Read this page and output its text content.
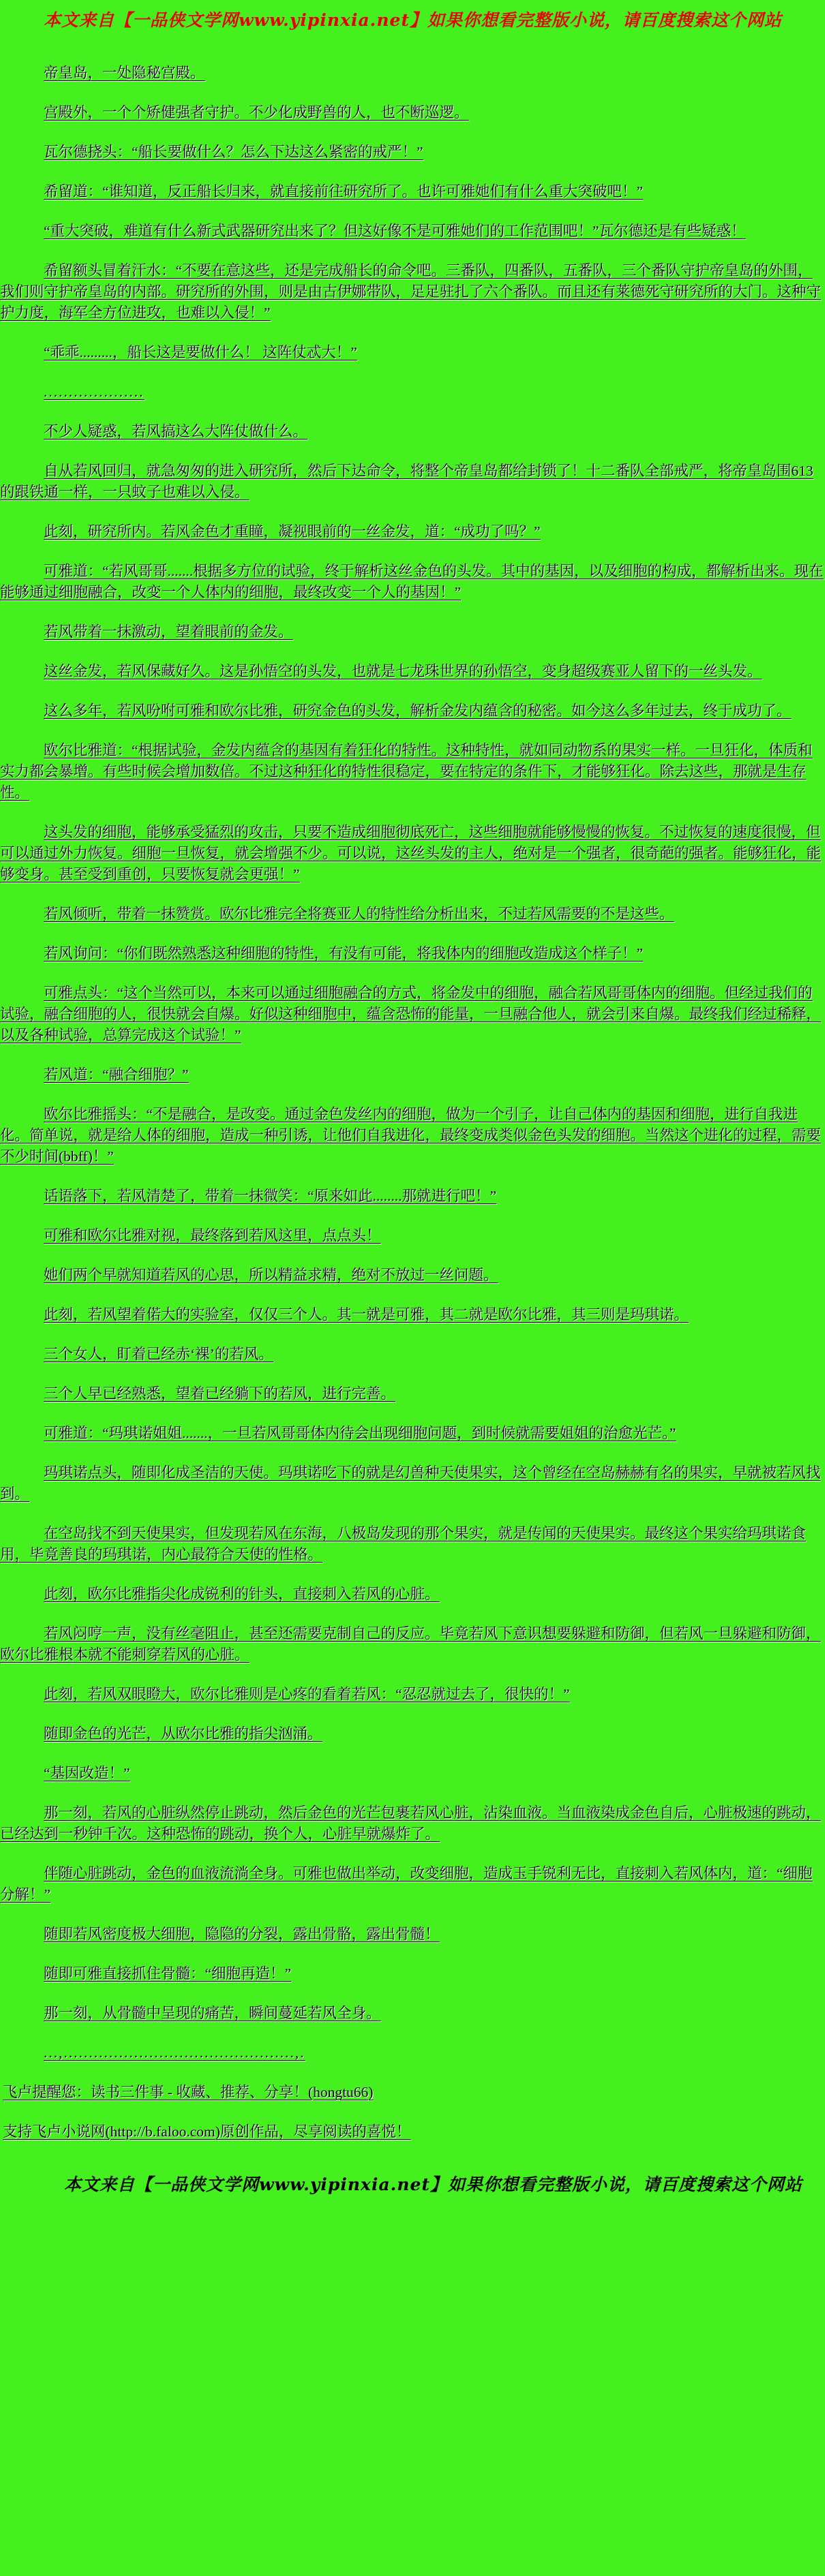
本文来自【一品侠文学网www.yipinxia.net】如果你想看完整版小说，请百度搜索这个网站

帝皇岛，一处隐秘宫殿。

宫殿外，一个个矫健强者守护。不少化成野兽的人，也不断巡逻。

瓦尔德挠头：“船长要做什么？怎么下达这么紧密的戒严！”

希留道：“谁知道，反正船长归来，就直接前往研究所了。也许可雅她们有什么重大突破吧！”

“重大突破，难道有什么新式武器研究出来了？但这好像不是可雅她们的工作范围吧！”瓦尔德还是有些疑惑！

希留额头冒着汗水：“不要在意这些，还是完成船长的命令吧。三番队，四番队，五番队，三个番队守护帝皇岛的外围，我们则守护帝皇岛的内部。研究所的外围，则是由古伊娜带队，足足驻扎了六个番队。而且还有莱德死守研究所的大门。这种守护力度，海军全方位进攻，也难以入侵！”

“乖乖.........，船长这是要做什么！ 这阵仗忒大！”

....................

不少人疑惑，若风搞这么大阵仗做什么。

自从若风回归，就急匆匆的进入研究所，然后下达命令，将整个帝皇岛都给封锁了！十二番队全部戒严，将帝皇岛围613的跟铁通一样，一只蚊子也难以入侵。

此刻，研究所内。若风金色才重瞳，凝视眼前的一丝金发，道：“成功了吗？”

可雅道：“若风哥哥.......根据多方位的试验，终于解析这丝金色的头发。其中的基因，以及细胞的构成，都解析出来。现在能够通过细胞融合，改变一个人体内的细胞，最终改变一个人的基因！”

若风带着一抹激动，望着眼前的金发。

这丝金发，若风保藏好久。这是孙悟空的头发，也就是七龙珠世界的孙悟空，变身超级赛亚人留下的一丝头发。

这么多年，若风吩咐可雅和欧尔比雅，研究金色的头发，解析金发内蕴含的秘密。如今这么多年过去，终于成功了。

欧尔比雅道：“根据试验，金发内蕴含的基因有着狂化的特性。这种特性，就如同动物系的果实一样。一旦狂化，体质和实力都会暴增。有些时候会增加数倍。不过这种狂化的特性很稳定，要在特定的条件下，才能够狂化。除去这些，那就是生存性。

这头发的细胞，能够承受猛烈的攻击，只要不造成细胞彻底死亡，这些细胞就能够慢慢的恢复。不过恢复的速度很慢，但可以通过外力恢复。细胞一旦恢复，就会增强不少。可以说，这丝头发的主人，绝对是一个强者，很奇葩的强者。能够狂化，能够变身。甚至受到重创，只要恢复就会更强！”

若风倾听，带着一抹赞赏。欧尔比雅完全将赛亚人的特性给分析出来，不过若风需要的不是这些。

若风询问：“你们既然熟悉这种细胞的特性，有没有可能，将我体内的细胞改造成这个样子！”

可雅点头：“这个当然可以，本来可以通过细胞融合的方式，将金发中的细胞，融合若风哥哥体内的细胞。但经过我们的试验，融合细胞的人，很快就会自爆。好似这种细胞中，蕴含恐怖的能量，一旦融合他人，就会引来自爆。最终我们经过稀释，以及各种试验，总算完成这个试验！”

若风道：“融合细胞？”

欧尔比雅摇头：“不是融合，是改变。通过金色发丝内的细胞，做为一个引子，让自己体内的基因和细胞，进行自我进化。简单说，就是给人体的细胞，造成一种引诱，让他们自我进化，最终变成类似金色头发的细胞。当然这个进化的过程，需要不少时间(bbff)！”

话语落下，若风清楚了，带着一抹微笑：“原来如此........那就进行吧！”

可雅和欧尔比雅对视，最终落到若风这里，点点头！

她们两个早就知道若风的心思，所以精益求精，绝对不放过一丝问题。

此刻，若风望着偌大的实验室，仅仅三个人。其一就是可雅，其二就是欧尔比雅，其三则是玛琪诺。

三个女人，盯着已经赤‘裸’的若风。

三个人早已经熟悉，望着已经躺下的若风，进行完善。

可雅道：“玛琪诺姐姐.......，一旦若风哥哥体内待会出现细胞问题，到时候就需要姐姐的治愈光芒。”

玛琪诺点头，随即化成圣洁的天使。玛琪诺吃下的就是幻兽种天使果实，这个曾经在空岛赫赫有名的果实，早就被若风找到。

在空岛找不到天使果实，但发现若风在东海，八极岛发现的那个果实，就是传闻的天使果实。最终这个果实给玛琪诺食用，毕竟善良的玛琪诺，内心最符合天使的性格。

此刻，欧尔比雅指尖化成锐利的针头，直接刺入若风的心脏。

若风闷哼一声，没有丝毫阻止，甚至还需要克制自己的反应。毕竟若风下意识想要躲避和防御，但若风一旦躲避和防御，欧尔比雅根本就不能刺穿若风的心脏。

此刻，若风双眼瞪大，欧尔比雅则是心疼的看着若风：“忍忍就过去了，很快的！”

随即金色的光芒，从欧尔比雅的指尖汹涌。

“基因改造！”

那一刻，若风的心脏纵然停止跳动，然后金色的光芒包裹若风心脏，沾染血液。当血液染成金色自后，心脏极速的跳动，已经达到一秒钟千次。这种恐怖的跳动，换个人，心脏早就爆炸了。

伴随心脏跳动，金色的血液流淌全身。可雅也做出举动，改变细胞，造成玉手锐利无比，直接刺入若风体内，道：“细胞分解！”

随即若风密度极大细胞，隐隐的分裂，露出骨骼，露出骨髓！

随即可雅直接抓住骨髓：“细胞再造！”

那一刻，从骨髓中呈现的痛苦，瞬间蔓延若风全身。

...,..............................................,.

飞卢提醒您：读书三件事 - 收藏、推荐、分享！(hongtu66)

支持飞卢小说网(http://b.faloo.com)原创作品，尽享阅读的喜悦！

本文来自【一品侠文学网www.yipinxia.net】如果你想看完整版小说，请百度搜索这个网站
